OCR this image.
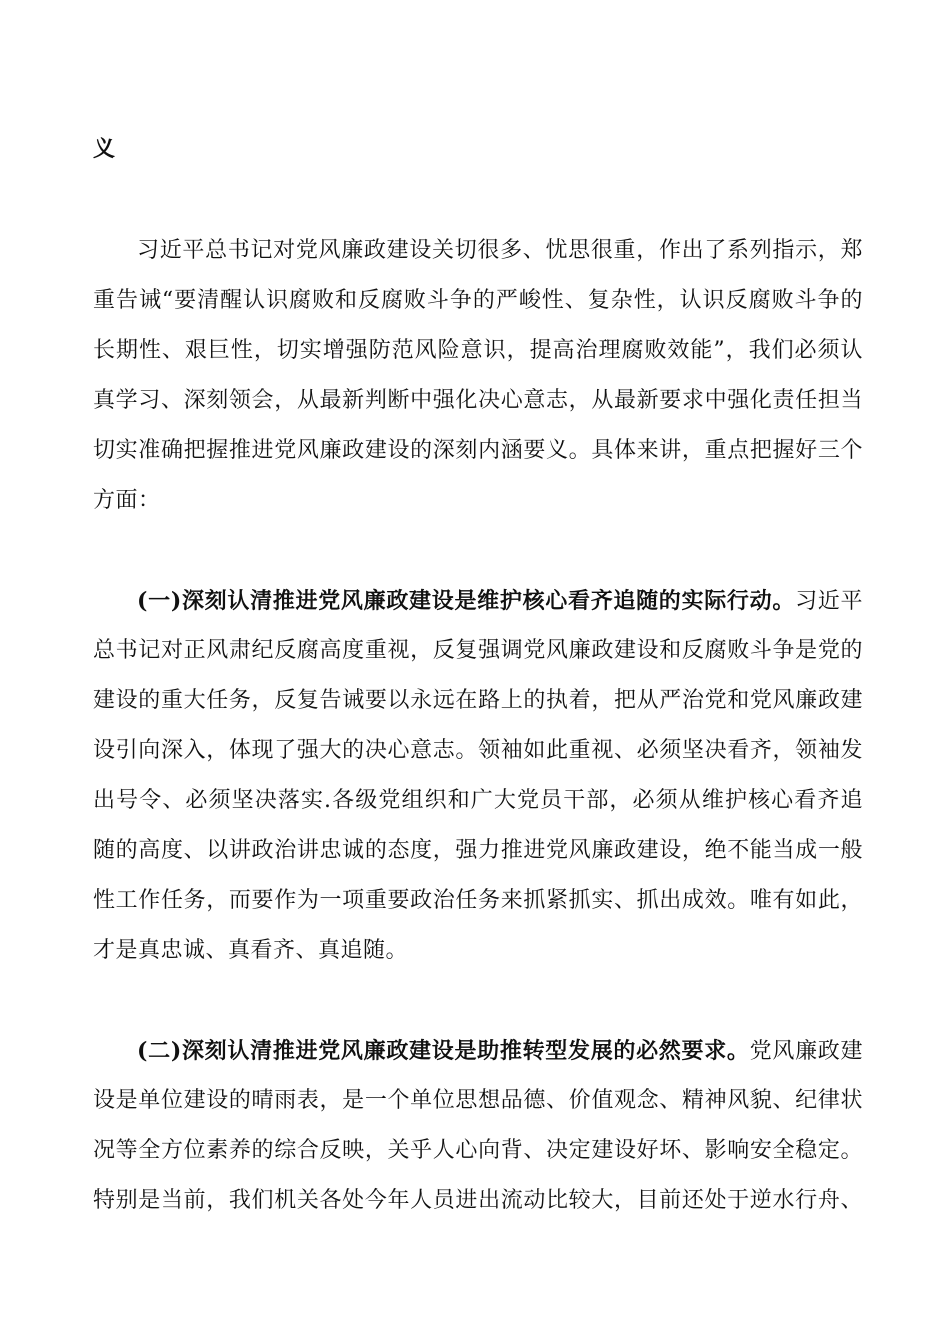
义
习近平总书记对党风廉政建设关切很多、忧思很重，作出了系列指示，郑
重告诫“要清醒认识腐败和反腐败斗争的严峻性、复杂性，认识反腐败斗争的
长期性、艰巨性，切实增强防范风险意识，提高治理腐败效能”，我们必须认
真学习、深刻领会，从最新判断中强化决心意志，从最新要求中强化责任担当
切实准确把握推进党风廉政建设的深刻内涵要义。具体来讲，重点把握好三个
方面：
(一)深刻认清推进党风廉政建设是维护核心看齐追随的实际行动。习近平
总书记对正风肃纪反腐高度重视，反复强调党风廉政建设和反腐败斗争是党的
建设的重大任务，反复告诫要以永远在路上的执着，把从严治党和党风廉政建
设引向深入，体现了强大的决心意志。领袖如此重视、必须坚决看齐，领袖发
出号令、必须坚决落实.各级党组织和广大党员干部，必须从维护核心看齐追
随的高度、以讲政治讲忠诚的态度，强力推进党风廉政建设，绝不能当成一般
性工作任务，而要作为一项重要政治任务来抓紧抓实、抓出成效。唯有如此，
才是真忠诚、真看齐、真追随。
(二)深刻认清推进党风廉政建设是助推转型发展的必然要求。党风廉政建
设是单位建设的晴雨表，是一个单位思想品德、价值观念、精神风貌、纪律状
况等全方位素养的综合反映，关乎人心向背、决定建设好坏、影响安全稳定。
特别是当前，我们机关各处今年人员进出流动比较大，目前还处于逆水行舟、
